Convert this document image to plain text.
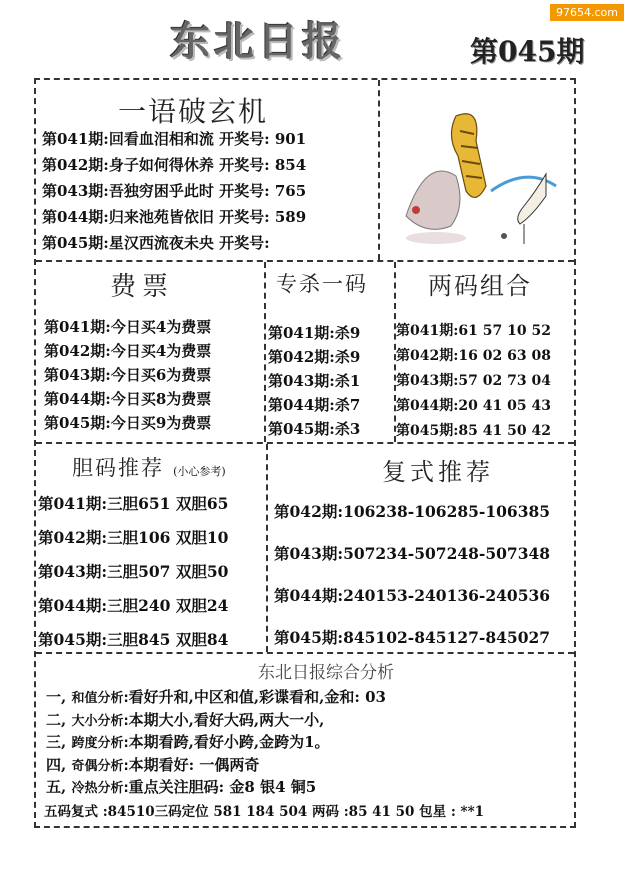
97654.com
东北日报	第045期
一语破玄机
第041期:回看血泪相和流 开奖号: 901
第042期:身子如何得休养 开奖号: 854
第043期:吾独穷困乎此时 开奖号: 765
第044期:归来池苑皆依旧 开奖号: 589
第045期:星汉西流夜未央 开奖号:
费票
第041期:今日买4为费票
第042期:今日买4为费票
第043期:今日买6为费票
第044期:今日买8为费票
第045期:今日买9为费票
专杀一码
第041期:杀9
第042期:杀9
第043期:杀1
第044期:杀7
第045期:杀3
两码组合
第041期:61 57 10 52
第042期:16 02 63 08
第043期:57 02 73 04
第044期:20 41 05 43
第045期:85 41 50 42
胆码推荐 (小心参考)
第041期:三胆651 双胆65
第042期:三胆106 双胆10
第043期:三胆507 双胆50
第044期:三胆240 双胆24
第045期:三胆845 双胆84
复式推荐
第042期:106238-106285-106385
第043期:507234-507248-507348
第044期:240153-240136-240536
第045期:845102-845127-845027
东北日报综合分析
一, 和值分析:看好升和,中区和值,彩谍看和,金和: 03
二, 大小分析:本期大小,看好大码,两大一小,
三, 跨度分析:本期看跨,看好小跨,金跨为1。
四, 奇偶分析:本期看好: 一偶两奇
五, 冷热分析:重点关注胆码: 金8 银4 铜5
五码复式 :84510三码定位 581 184 504 两码 :85 41 50 包星 : **1
